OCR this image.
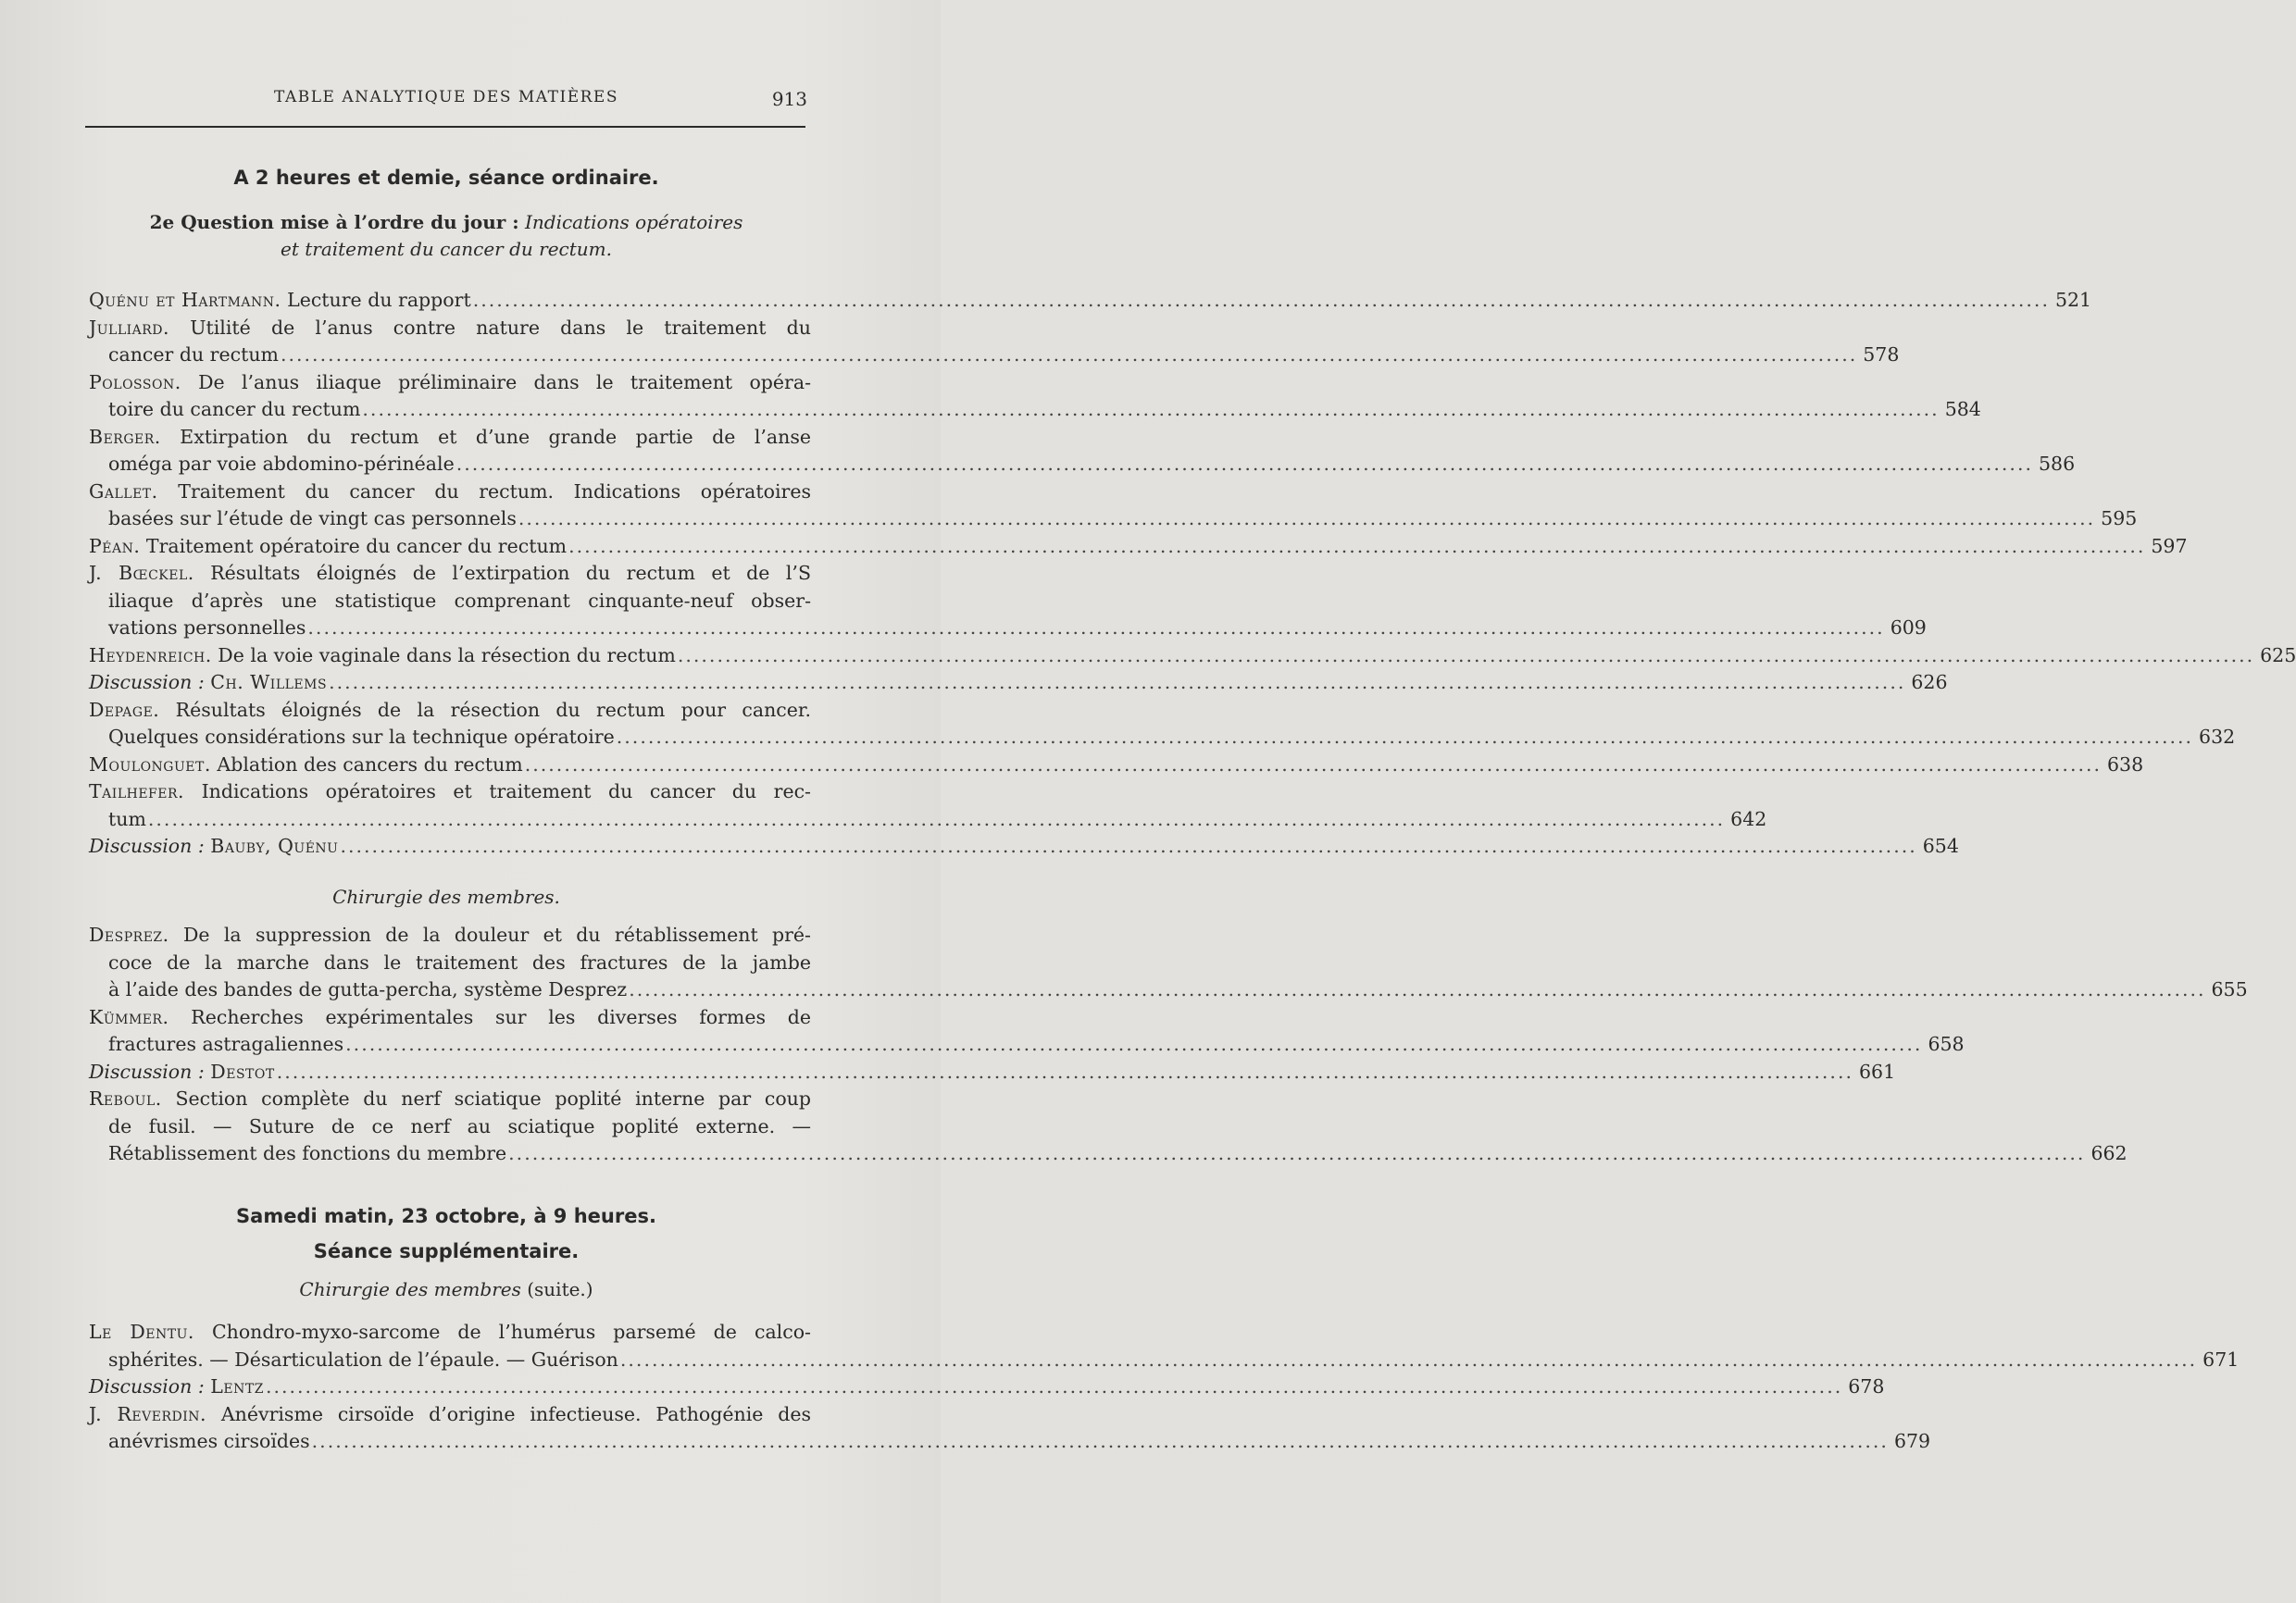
TABLE ANALYTIQUE DES MATIÈRES	913
A 2 heures et demie, séance ordinaire.
2e Question mise à l’ordre du jour : Indications opératoires
et traitement du cancer du rectum.
Quénu et Hartmann. Lecture du rapport ........................................................................................................................................................................................................ 521
Julliard. Utilité de l’anus contre nature dans le traitement du
cancer du rectum ........................................................................................................................................................................................................ 578
Polosson. De l’anus iliaque préliminaire dans le traitement opéra-
toire du cancer du rectum ........................................................................................................................................................................................................ 584
Berger. Extirpation du rectum et d’une grande partie de l’anse
oméga par voie abdomino-périnéale ........................................................................................................................................................................................................ 586
Gallet. Traitement du cancer du rectum. Indications opératoires
basées sur l’étude de vingt cas personnels ........................................................................................................................................................................................................ 595
Péan. Traitement opératoire du cancer du rectum ........................................................................................................................................................................................................ 597
J. Bœckel. Résultats éloignés de l’extirpation du rectum et de l’S
iliaque d’après une statistique comprenant cinquante-neuf obser-
vations personnelles ........................................................................................................................................................................................................ 609
Heydenreich. De la voie vaginale dans la résection du rectum ........................................................................................................................................................................................................ 625
Discussion : Ch. Willems ........................................................................................................................................................................................................ 626
Depage. Résultats éloignés de la résection du rectum pour cancer.
Quelques considérations sur la technique opératoire ........................................................................................................................................................................................................ 632
Moulonguet. Ablation des cancers du rectum ........................................................................................................................................................................................................ 638
Tailhefer. Indications opératoires et traitement du cancer du rec-
tum ........................................................................................................................................................................................................ 642
Discussion : Bauby, Quénu ........................................................................................................................................................................................................ 654
Chirurgie des membres.
Desprez. De la suppression de la douleur et du rétablissement pré-
coce de la marche dans le traitement des fractures de la jambe
à l’aide des bandes de gutta-percha, système Desprez ........................................................................................................................................................................................................ 655
Kümmer. Recherches expérimentales sur les diverses formes de
fractures astragaliennes ........................................................................................................................................................................................................ 658
Discussion : Destot ........................................................................................................................................................................................................ 661
Reboul. Section complète du nerf sciatique poplité interne par coup
de fusil. — Suture de ce nerf au sciatique poplité externe. —
Rétablissement des fonctions du membre ........................................................................................................................................................................................................ 662
Samedi matin, 23 octobre, à 9 heures.
Séance supplémentaire.
Chirurgie des membres (suite.)
Le Dentu. Chondro-myxo-sarcome de l’humérus parsemé de calco-
sphérites. — Désarticulation de l’épaule. — Guérison ........................................................................................................................................................................................................ 671
Discussion : Lentz ........................................................................................................................................................................................................ 678
J. Reverdin. Anévrisme cirsoïde d’origine infectieuse. Pathogénie des
anévrismes cirsoïdes ........................................................................................................................................................................................................ 679
